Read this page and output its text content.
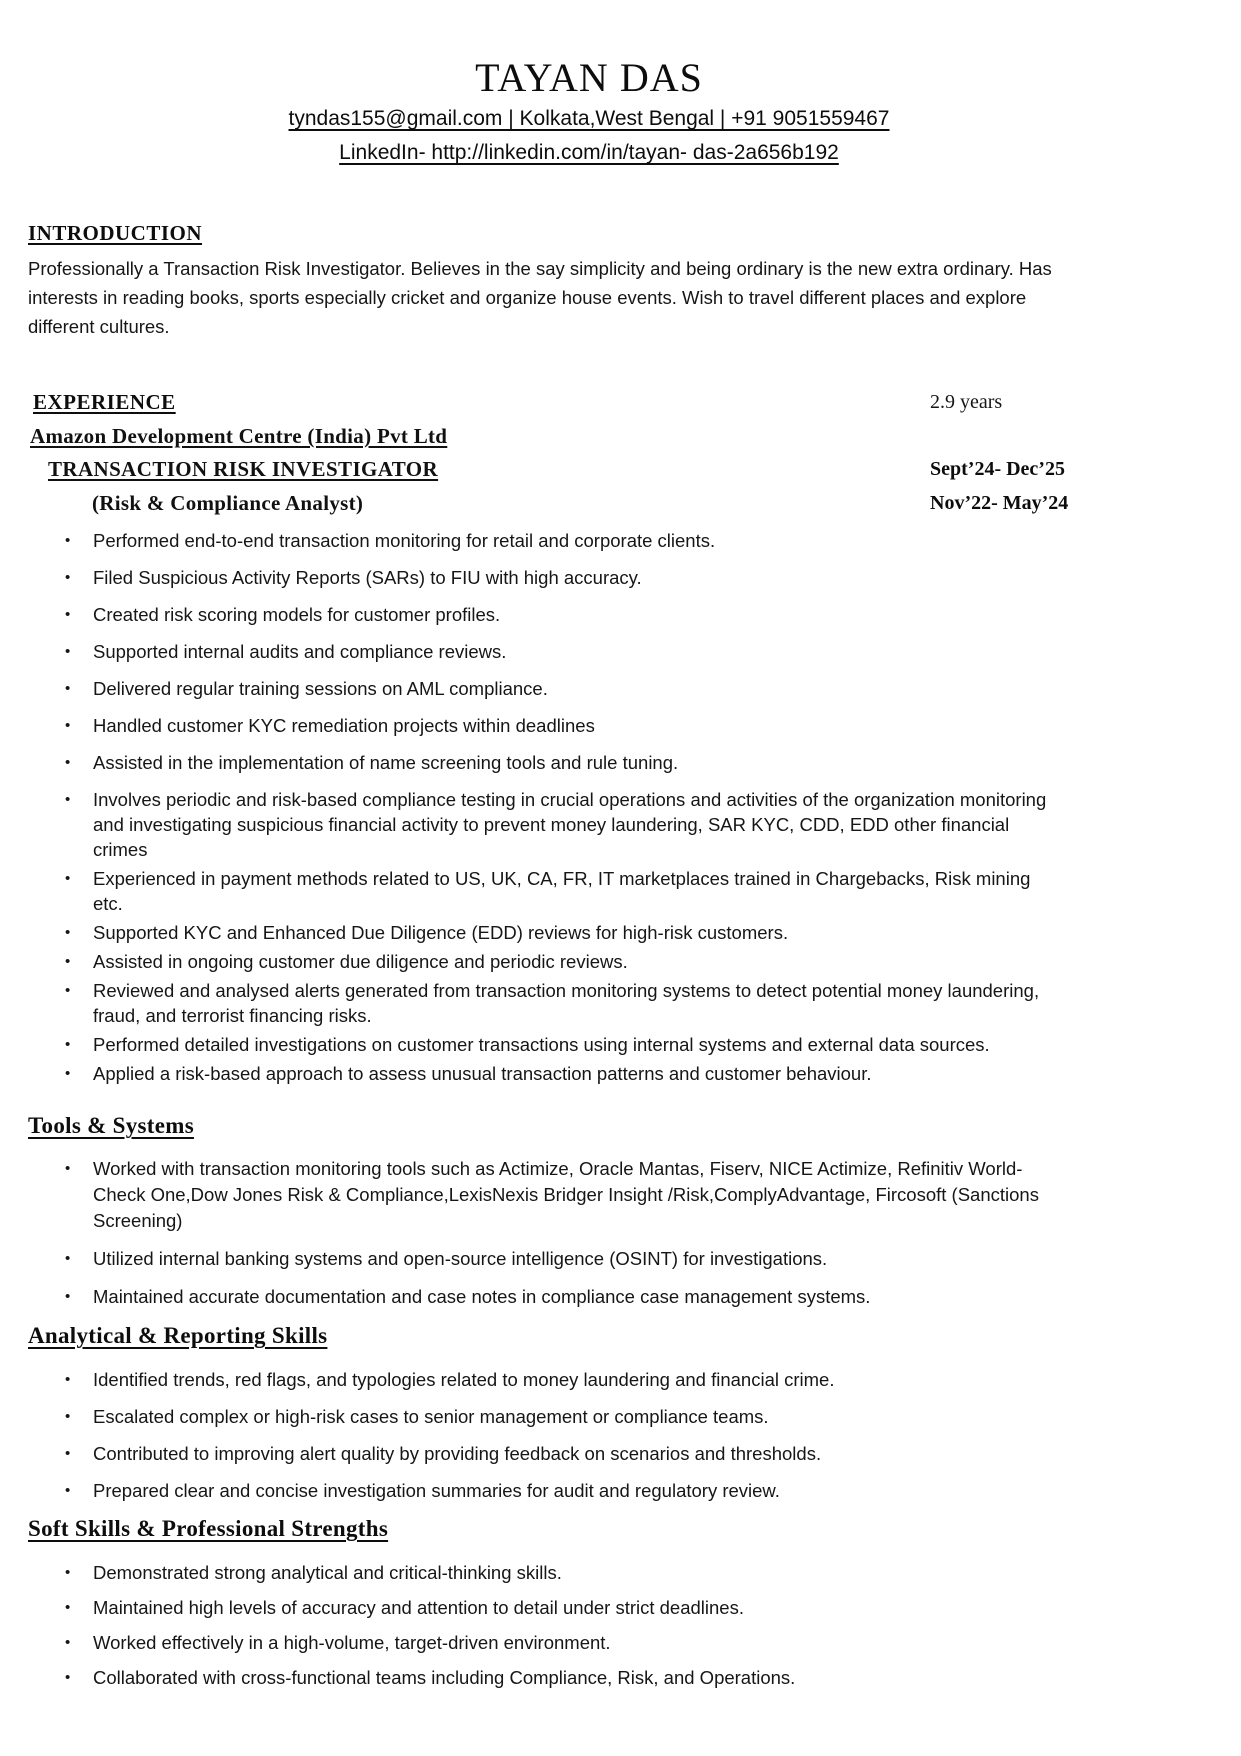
TAYAN DAS
tyndas155@gmail.com | Kolkata,West Bengal | +91 9051559467
LinkedIn- http://linkedin.com/in/tayan- das-2a656b192
INTRODUCTION

Professionally a Transaction Risk Investigator. Believes in the say simplicity and being ordinary is the new extra ordinary. Has interests in reading books, sports especially cricket and organize house events. Wish to travel different places and explore different cultures.

EXPERIENCE	2.9 years
Amazon Development Centre (India) Pvt Ltd
TRANSACTION RISK INVESTIGATOR	Sept’24- Dec’25
(Risk & Compliance Analyst)	Nov’22- May’24
• Performed end-to-end transaction monitoring for retail and corporate clients.
• Filed Suspicious Activity Reports (SARs) to FIU with high accuracy.
• Created risk scoring models for customer profiles.
• Supported internal audits and compliance reviews.
• Delivered regular training sessions on AML compliance.
• Handled customer KYC remediation projects within deadlines
• Assisted in the implementation of name screening tools and rule tuning.
• Involves periodic and risk-based compliance testing in crucial operations and activities of the organization monitoring and investigating suspicious financial activity to prevent money laundering, SAR KYC, CDD, EDD other financial crimes
• Experienced in payment methods related to US, UK, CA, FR, IT marketplaces trained in Chargebacks, Risk mining etc.
• Supported KYC and Enhanced Due Diligence (EDD) reviews for high-risk customers.
• Assisted in ongoing customer due diligence and periodic reviews.
• Reviewed and analysed alerts generated from transaction monitoring systems to detect potential money laundering, fraud, and terrorist financing risks.
• Performed detailed investigations on customer transactions using internal systems and external data sources.
• Applied a risk-based approach to assess unusual transaction patterns and customer behaviour.
Tools & Systems
• Worked with transaction monitoring tools such as Actimize, Oracle Mantas, Fiserv, NICE Actimize, Refinitiv World-Check One,Dow Jones Risk & Compliance,LexisNexis Bridger Insight /Risk,ComplyAdvantage, Fircosoft (Sanctions Screening)
• Utilized internal banking systems and open-source intelligence (OSINT) for investigations.
• Maintained accurate documentation and case notes in compliance case management systems.
Analytical & Reporting Skills
• Identified trends, red flags, and typologies related to money laundering and financial crime.
• Escalated complex or high-risk cases to senior management or compliance teams.
• Contributed to improving alert quality by providing feedback on scenarios and thresholds.
• Prepared clear and concise investigation summaries for audit and regulatory review.
Soft Skills & Professional Strengths
• Demonstrated strong analytical and critical-thinking skills.
• Maintained high levels of accuracy and attention to detail under strict deadlines.
• Worked effectively in a high-volume, target-driven environment.
• Collaborated with cross-functional teams including Compliance, Risk, and Operations.
